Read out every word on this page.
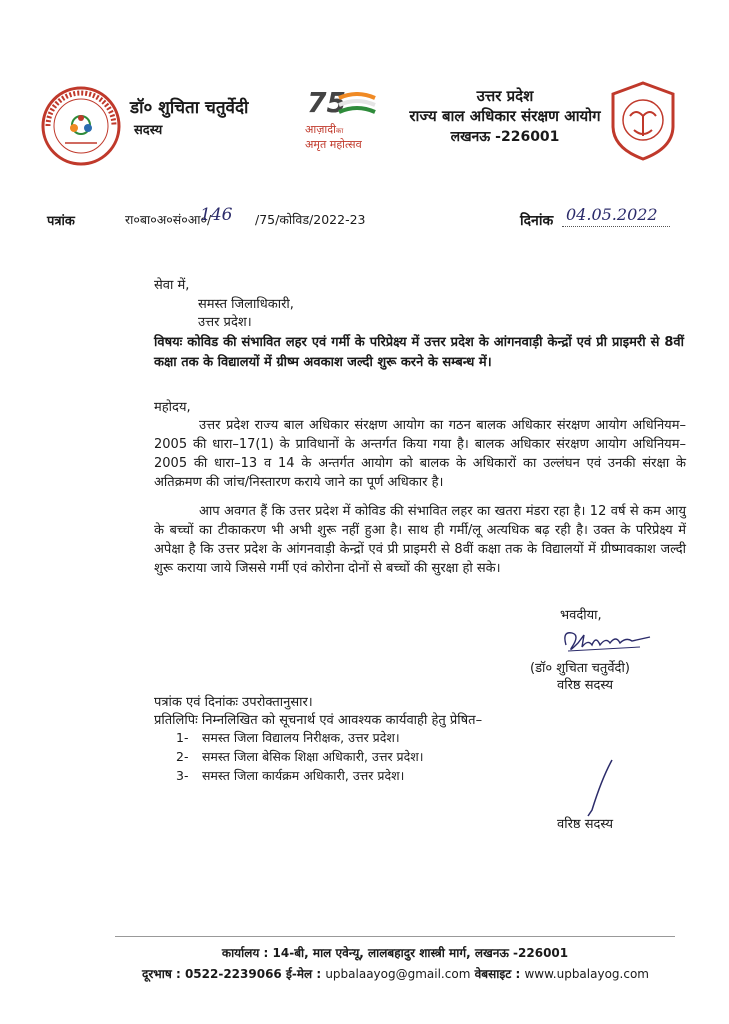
डॉ० शुचिता चतुर्वेदी
सदस्य
75
आज़ादीका
अमृत महोत्सव
उत्तर प्रदेश
राज्य बाल अधिकार संरक्षण आयोग
लखनऊ -226001
पत्रांक	रा०बा०अ०सं०आ०/
146 /75/कोविड/2022-23	दिनांक 04.05.2022
सेवा में,
समस्त जिलाधिकारी,
उत्तर प्रदेश।

विषयः कोविड की संभावित लहर एवं गर्मी के परिप्रेक्ष्य में उत्तर प्रदेश के आंगनवाड़ी केन्द्रों एवं प्री प्राइमरी से 8वीं कक्षा तक के विद्यालयों में ग्रीष्म अवकाश जल्दी शुरू करने के सम्बन्ध में।

महोदय,

उत्तर प्रदेश राज्य बाल अधिकार संरक्षण आयोग का गठन बालक अधिकार संरक्षण आयोग अधिनियम–2005 की धारा–17(1) के प्राविधानों के अन्तर्गत किया गया है। बालक अधिकार संरक्षण आयोग अधिनियम–2005 की धारा–13 व 14 के अन्तर्गत आयोग को बालक के अधिकारों का उल्लंघन एवं उनकी संरक्षा के अतिक्रमण की जांच/निस्तारण कराये जाने का पूर्ण अधिकार है।

आप अवगत हैं कि उत्तर प्रदेश में कोविड की संभावित लहर का खतरा मंडरा रहा है। 12 वर्ष से कम आयु के बच्चों का टीकाकरण भी अभी शुरू नहीं हुआ है। साथ ही गर्मी/लू अत्यधिक बढ़ रही है। उक्त के परिप्रेक्ष्य में अपेक्षा है कि उत्तर प्रदेश के आंगनवाड़ी केन्द्रों एवं प्री प्राइमरी से 8वीं कक्षा तक के विद्यालयों में ग्रीष्मावकाश जल्दी शुरू कराया जाये जिससे गर्मी एवं कोरोना दोनों से बच्चों की सुरक्षा हो सके।

भवदीया,
(डॉ० शुचिता चतुर्वेदी)
वरिष्ठ सदस्य
पत्रांक एवं दिनांकः उपरोक्तानुसार।
प्रतिलिपिः निम्नलिखित को सूचनार्थ एवं आवश्यक कार्यवाही हेतु प्रेषित–
1- समस्त जिला विद्यालय निरीक्षक, उत्तर प्रदेश।
2- समस्त जिला बेसिक शिक्षा अधिकारी, उत्तर प्रदेश।
3- समस्त जिला कार्यक्रम अधिकारी, उत्तर प्रदेश।
वरिष्ठ सदस्य
कार्यालय : 14-बी, माल एवेन्यू, लालबहादुर शास्त्री मार्ग, लखनऊ -226001
दूरभाष : 0522-2239066 ई-मेल : upbalaayog@gmail.com वेबसाइट : www.upbalayog.com
